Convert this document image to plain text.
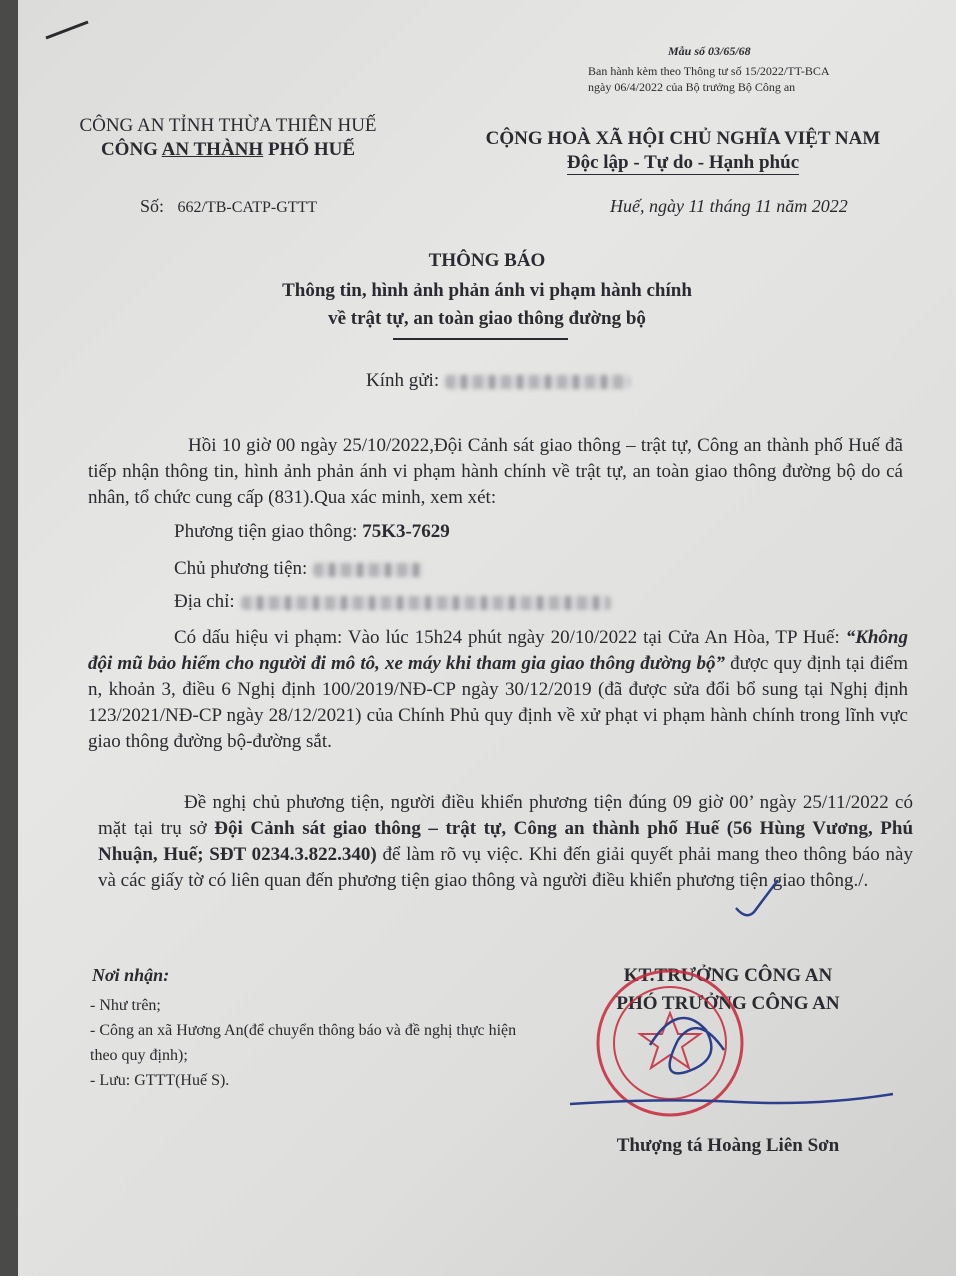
Mẫu số 03/65/68
Ban hành kèm theo Thông tư số 15/2022/TT-BCA
ngày 06/4/2022 của Bộ trưởng Bộ Công an
CÔNG AN TỈNH THỪA THIÊN HUẾ
CÔNG AN THÀNH PHỐ HUẾ
CỘNG HOÀ XÃ HỘI CHỦ NGHĨA VIỆT NAM
Độc lập - Tự do - Hạnh phúc
Số: 662/TB-CATP-GTTT	Huế, ngày 11 tháng 11 năm 2022
THÔNG BÁO
Thông tin, hình ảnh phản ánh vi phạm hành chính
về trật tự, an toàn giao thông đường bộ
Kính gửi:
Hồi 10 giờ 00 ngày 25/10/2022,Đội Cảnh sát giao thông – trật tự, Công an thành phố Huế đã tiếp nhận thông tin, hình ảnh phản ánh vi phạm hành chính về trật tự, an toàn giao thông đường bộ do cá nhân, tổ chức cung cấp (831).Qua xác minh, xem xét:
Phương tiện giao thông: 75K3-7629
Chủ phương tiện:
Địa chỉ:
Có dấu hiệu vi phạm: Vào lúc 15h24 phút ngày 20/10/2022 tại Cửa An Hòa, TP Huế: “Không đội mũ bảo hiểm cho người đi mô tô, xe máy khi tham gia giao thông đường bộ” được quy định tại điểm n, khoản 3, điều 6 Nghị định 100/2019/NĐ-CP ngày 30/12/2019 (đã được sửa đổi bổ sung tại Nghị định 123/2021/NĐ-CP ngày 28/12/2021) của Chính Phủ quy định về xử phạt vi phạm hành chính trong lĩnh vực giao thông đường bộ-đường sắt.
Đề nghị chủ phương tiện, người điều khiển phương tiện đúng 09 giờ 00’ ngày 25/11/2022 có mặt tại trụ sở Đội Cảnh sát giao thông – trật tự, Công an thành phố Huế (56 Hùng Vương, Phú Nhuận, Huế; SĐT 0234.3.822.340) để làm rõ vụ việc. Khi đến giải quyết phải mang theo thông báo này và các giấy tờ có liên quan đến phương tiện giao thông và người điều khiển phương tiện giao thông./.
Nơi nhận:
- Như trên;
- Công an xã Hương An(để chuyển thông báo và đề nghị thực hiện theo quy định);
- Lưu: GTTT(Huế S).
KT.TRƯỞNG CÔNG AN
PHÓ TRƯỞNG CÔNG AN
Thượng tá Hoàng Liên Sơn
